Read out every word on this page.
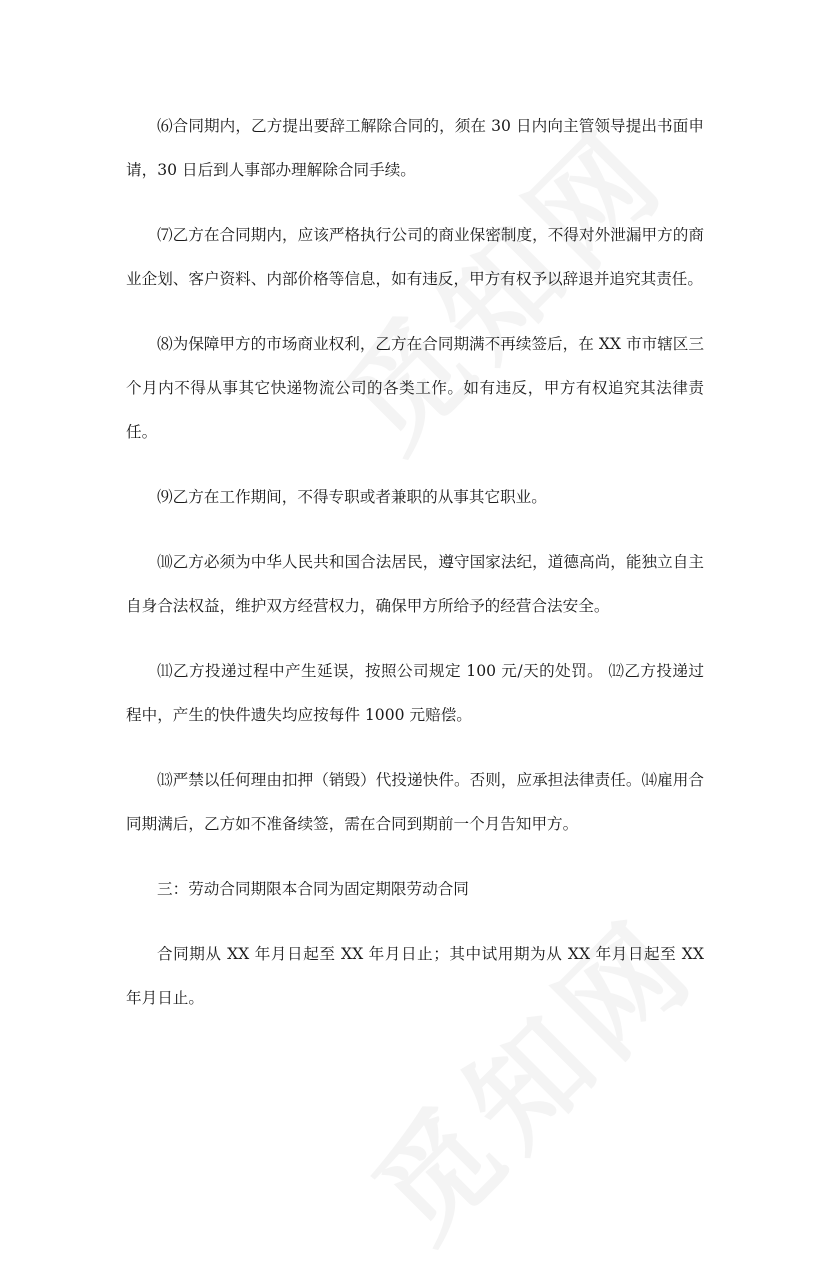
⑹合同期内，乙方提出要辞工解除合同的，须在 30 日内向主管领导提出书面申请，30 日后到人事部办理解除合同手续。

⑺乙方在合同期内，应该严格执行公司的商业保密制度，不得对外泄漏甲方的商业企划、客户资料、内部价格等信息，如有违反，甲方有权予以辞退并追究其责任。

⑻为保障甲方的市场商业权利，乙方在合同期满不再续签后，在 XX 市市辖区三个月内不得从事其它快递物流公司的各类工作。如有违反，甲方有权追究其法律责任。

⑼乙方在工作期间，不得专职或者兼职的从事其它职业。

⑽乙方必须为中华人民共和国合法居民，遵守国家法纪，道德高尚，能独立自主自身合法权益，维护双方经营权力，确保甲方所给予的经营合法安全。

⑾乙方投递过程中产生延误，按照公司规定 100 元/天的处罚。 ⑿乙方投递过程中，产生的快件遗失均应按每件 1000 元赔偿。

⒀严禁以任何理由扣押（销毁）代投递快件。否则，应承担法律责任。⒁雇用合同期满后，乙方如不准备续签，需在合同到期前一个月告知甲方。

三：劳动合同期限本合同为固定期限劳动合同

合同期从 XX 年月日起至 XX 年月日止；其中试用期为从 XX 年月日起至 XX 年月日止。
